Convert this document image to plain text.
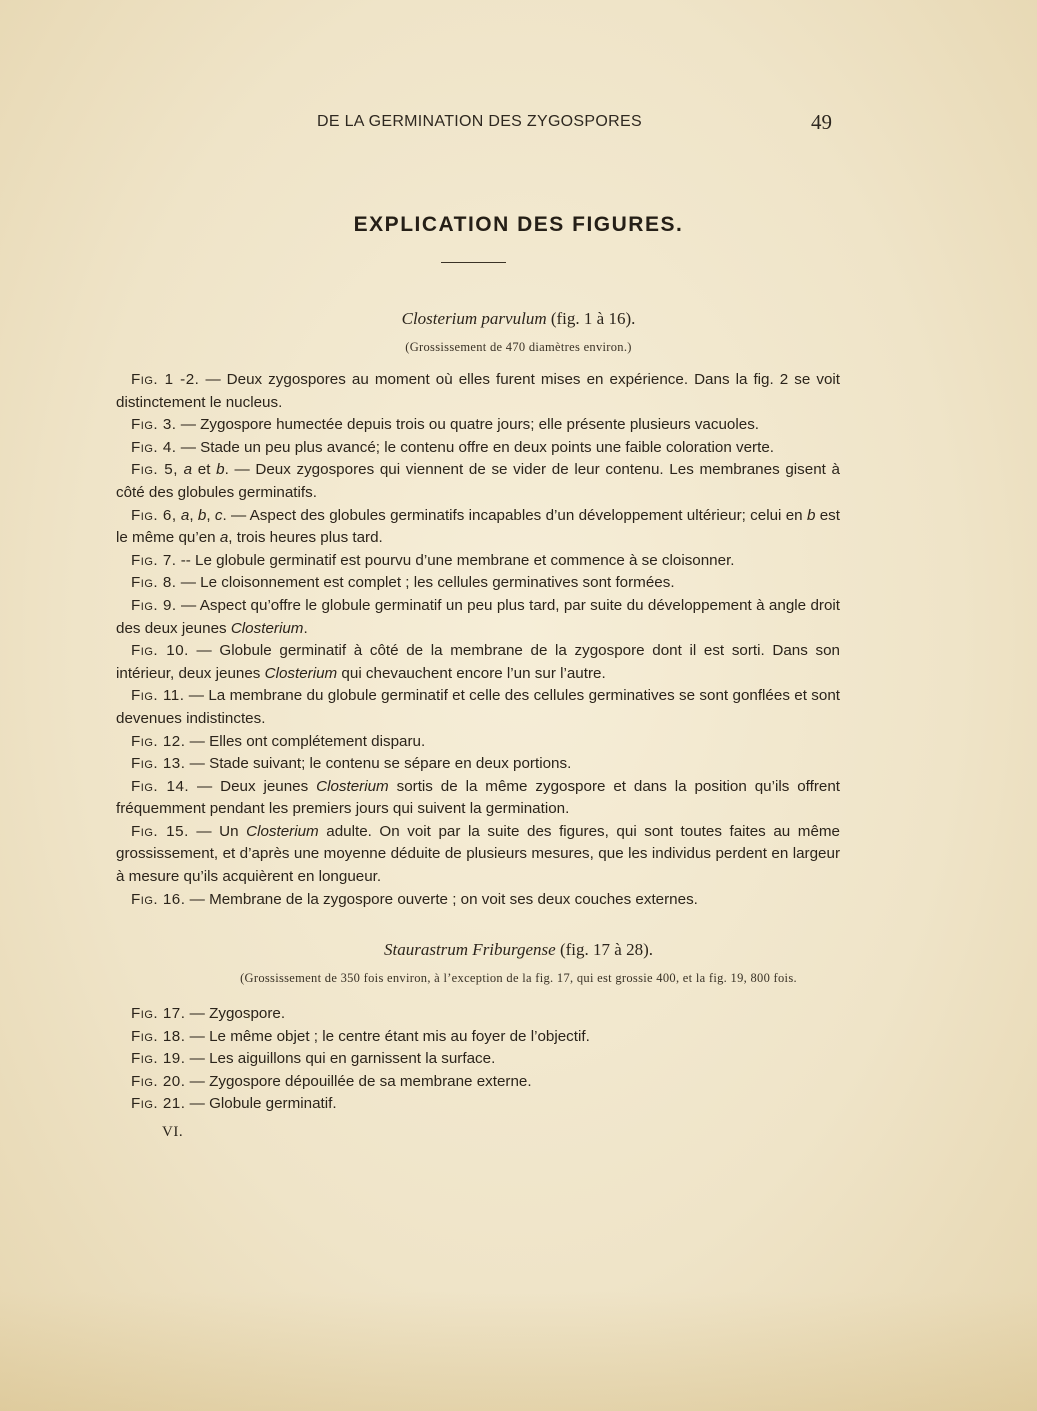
DE LA GERMINATION DES ZYGOSPORES	49
EXPLICATION DES FIGURES.
Closterium parvulum (fig. 1 à 16).
(Grossissement de 470 diamètres environ.)

Fig. 1 -2. — Deux zygospores au moment où elles furent mises en expérience. Dans la fig. 2 se voit distinctement le nucleus.

Fig. 3. — Zygospore humectée depuis trois ou quatre jours; elle présente plusieurs vacuoles.

Fig. 4. — Stade un peu plus avancé; le contenu offre en deux points une faible coloration verte.

Fig. 5, a et b. — Deux zygospores qui viennent de se vider de leur contenu. Les membranes gisent à côté des globules germinatifs.

Fig. 6, a, b, c. — Aspect des globules germinatifs incapables d’un développement ultérieur; celui en b est le même qu’en a, trois heures plus tard.

Fig. 7. -- Le globule germinatif est pourvu d’une membrane et commence à se cloisonner.

Fig. 8. — Le cloisonnement est complet ; les cellules germinatives sont formées.

Fig. 9. — Aspect qu’offre le globule germinatif un peu plus tard, par suite du développement à angle droit des deux jeunes Closterium.

Fig. 10. — Globule germinatif à côté de la membrane de la zygospore dont il est sorti. Dans son intérieur, deux jeunes Closterium qui chevauchent encore l’un sur l’autre.

Fig. 11. — La membrane du globule germinatif et celle des cellules germinatives se sont gonflées et sont devenues indistinctes.

Fig. 12. — Elles ont complétement disparu.

Fig. 13. — Stade suivant; le contenu se sépare en deux portions.

Fig. 14. — Deux jeunes Closterium sortis de la même zygospore et dans la position qu’ils offrent fréquemment pendant les premiers jours qui suivent la germination.

Fig. 15. — Un Closterium adulte. On voit par la suite des figures, qui sont toutes faites au même grossissement, et d’après une moyenne déduite de plusieurs mesures, que les individus perdent en largeur à mesure qu’ils acquièrent en longueur.

Fig. 16. — Membrane de la zygospore ouverte ; on voit ses deux couches externes.

Staurastrum Friburgense (fig. 17 à 28).
(Grossissement de 350 fois environ, à l’exception de la fig. 17, qui est grossie 400, et la fig. 19, 800 fois.

Fig. 17. — Zygospore.

Fig. 18. — Le même objet ; le centre étant mis au foyer de l’objectif.

Fig. 19. — Les aiguillons qui en garnissent la surface.

Fig. 20. — Zygospore dépouillée de sa membrane externe.

Fig. 21. — Globule germinatif.

VI.
